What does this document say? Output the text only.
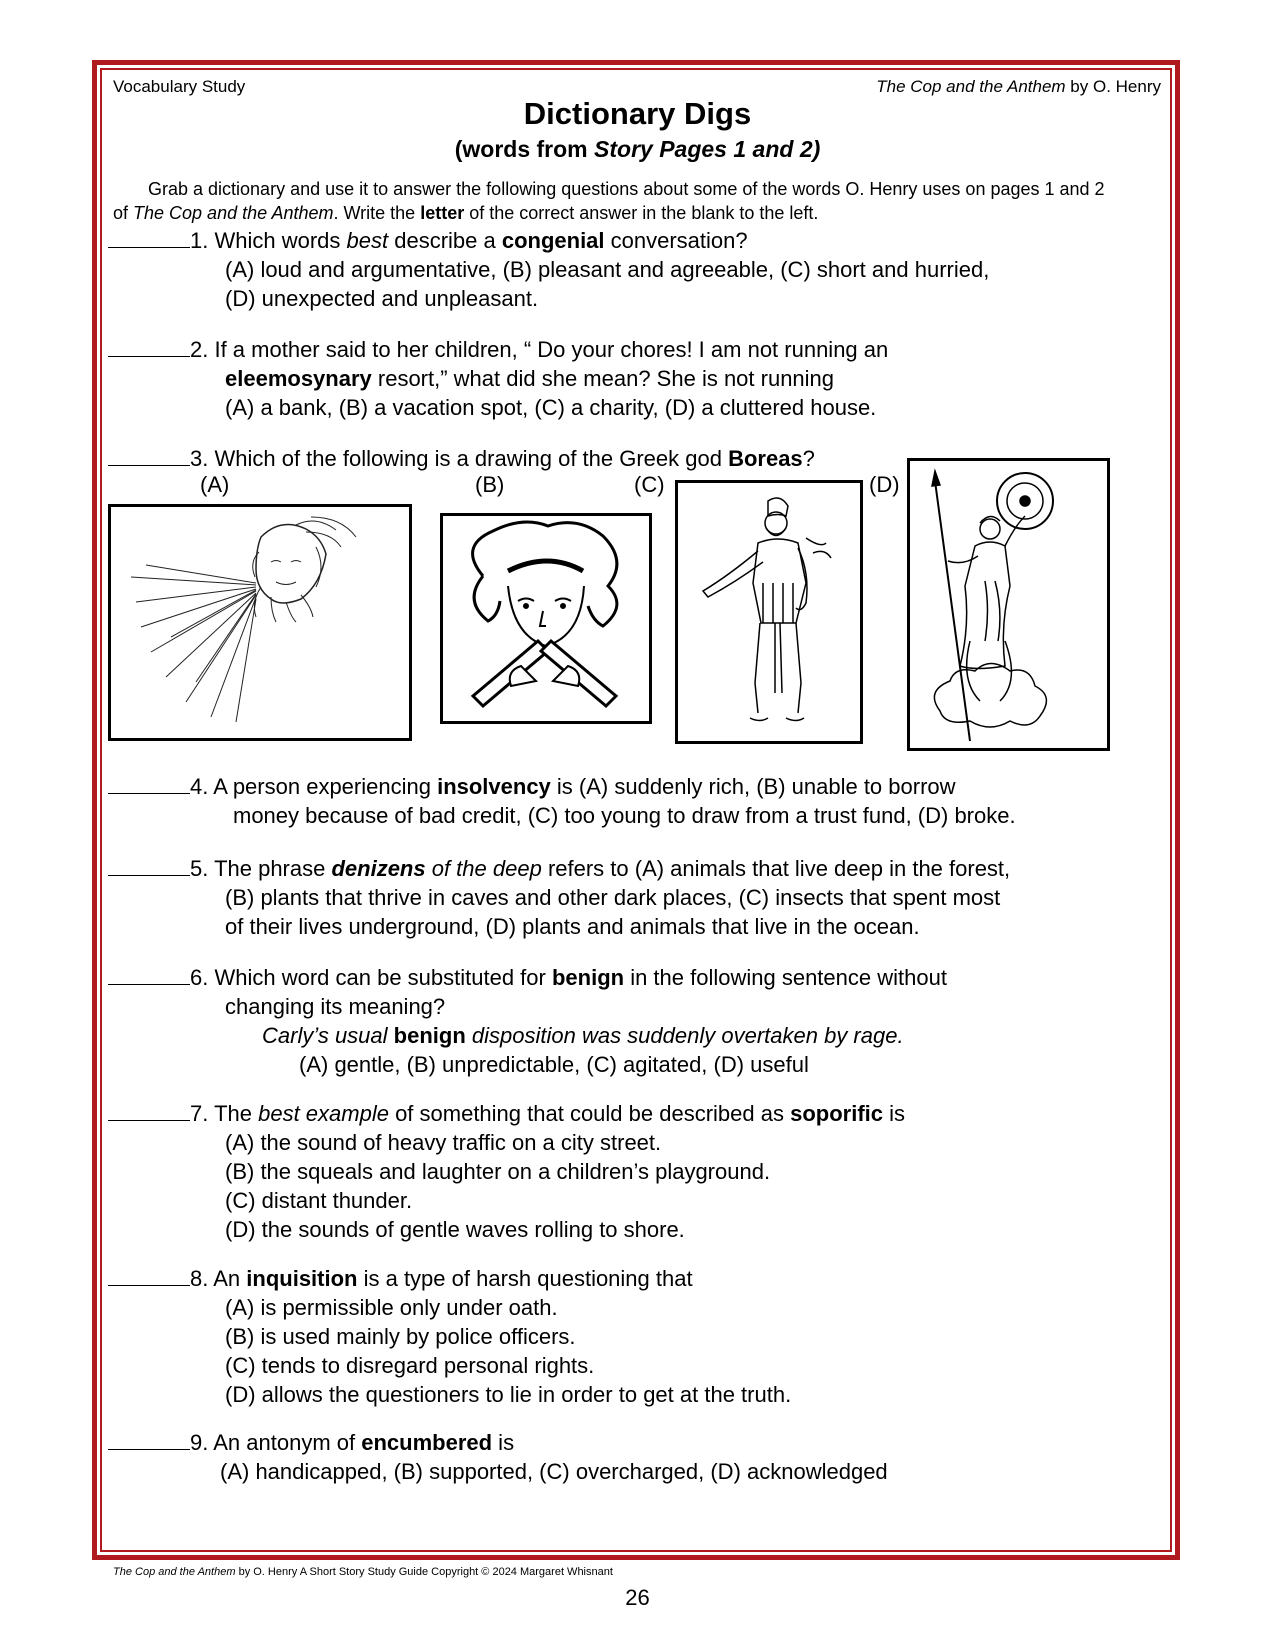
Vocabulary Study	The Cop and the Anthem by O. Henry
Dictionary Digs
(words from Story Pages 1 and 2)
Grab a dictionary and use it to answer the following questions about some of the words O. Henry uses on pages 1 and 2 of The Cop and the Anthem. Write the letter of the correct answer in the blank to the left.
1. Which words best describe a congenial conversation?
(A) loud and argumentative, (B) pleasant and agreeable, (C) short and hurried,
(D) unexpected and unpleasant.
2. If a mother said to her children, “ Do your chores! I am not running an
eleemosynary resort,” what did she mean? She is not running
(A) a bank, (B) a vacation spot, (C) a charity, (D) a cluttered house.
3. Which of the following is a drawing of the Greek god Boreas?
(A)	(B)	(C)	(D)
4. A person experiencing insolvency is (A) suddenly rich, (B) unable to borrow
money because of bad credit, (C) too young to draw from a trust fund, (D) broke.
5. The phrase denizens of the deep refers to (A) animals that live deep in the forest,
(B) plants that thrive in caves and other dark places, (C) insects that spent most
of their lives underground, (D) plants and animals that live in the ocean.
6. Which word can be substituted for benign in the following sentence without
changing its meaning?
Carly’s usual benign disposition was suddenly overtaken by rage.
(A) gentle, (B) unpredictable, (C) agitated, (D) useful
7. The best example of something that could be described as soporific is
(A) the sound of heavy traffic on a city street.
(B) the squeals and laughter on a children’s playground.
(C) distant thunder.
(D) the sounds of gentle waves rolling to shore.
8. An inquisition is a type of harsh questioning that
(A) is permissible only under oath.
(B) is used mainly by police officers.
(C) tends to disregard personal rights.
(D) allows the questioners to lie in order to get at the truth.
9. An antonym of encumbered is
(A) handicapped, (B) supported, (C) overcharged, (D) acknowledged
The Cop and the Anthem by O. Henry A Short Story Study Guide Copyright © 2024 Margaret Whisnant
26
